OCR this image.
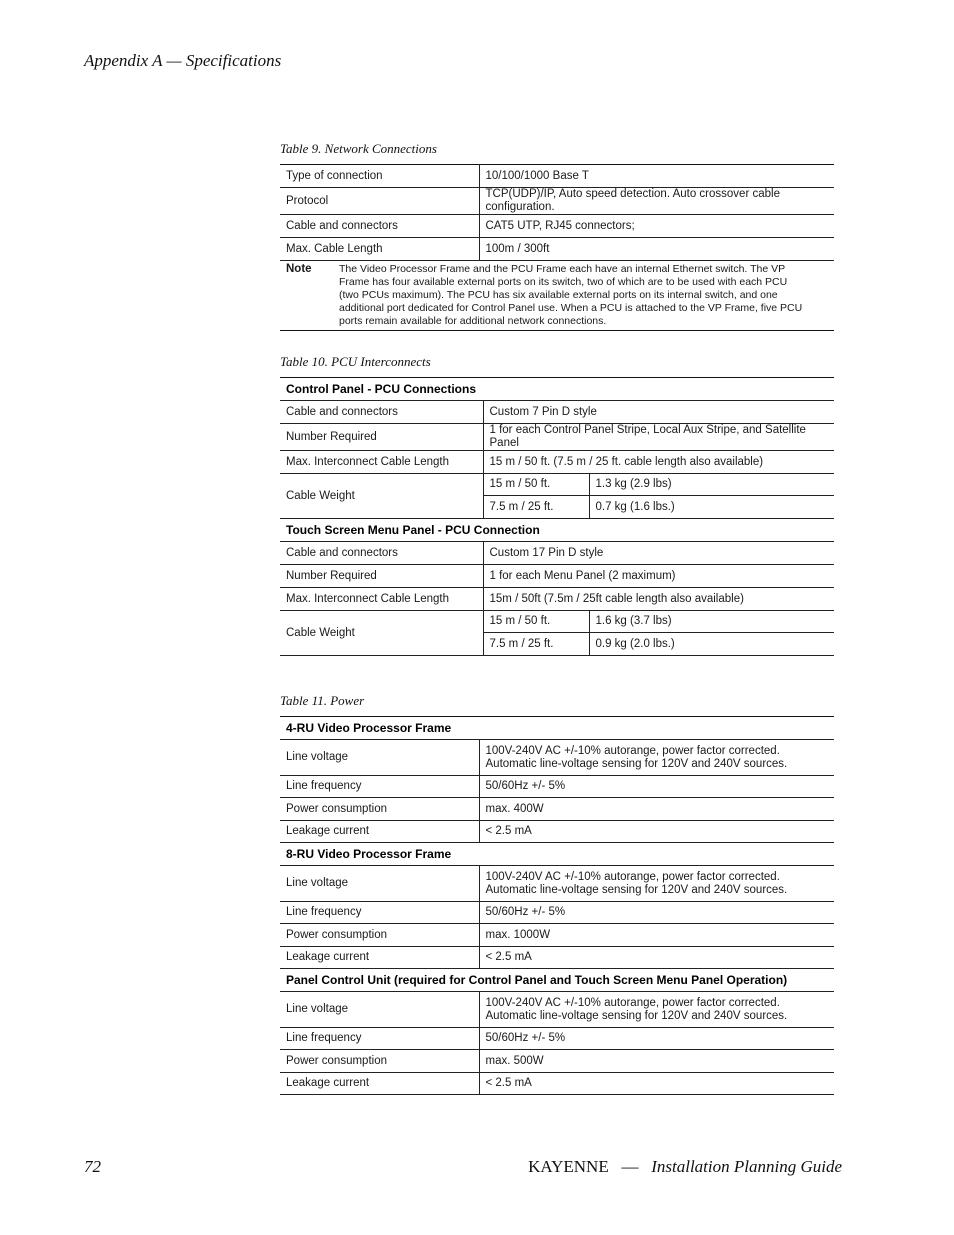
Appendix A — Specifications
Table 9. Network Connections
Type of connection	10/100/1000 Base T
Protocol	TCP(UDP)/IP, Auto speed detection. Auto crossover cable configuration.
Cable and connectors	CAT5 UTP, RJ45 connectors;
Max. Cable Length	100m / 300ft

Note The Video Processor Frame and the PCU Frame each have an internal Ethernet switch. The VP Frame has four available external ports on its switch, two of which are to be used with each PCU (two PCUs maximum). The PCU has six available external ports on its internal switch, and one additional port dedicated for Control Panel use. When a PCU is attached to the VP Frame, five PCU ports remain available for additional network connections.	
Table 10. PCU Interconnects
Control Panel - PCU Connections		
Cable and connectors	Custom 7 Pin D style	
Number Required	1 for each Control Panel Stripe, Local Aux Stripe, and Satellite Panel	
Max. Interconnect Cable Length	15 m / 50 ft. (7.5 m / 25 ft. cable length also available)	
Cable Weight	15 m / 50 ft.	1.3 kg (2.9 lbs)
	7.5 m / 25 ft.	0.7 kg (1.6 lbs.)
Touch Screen Menu Panel - PCU Connection		
Cable and connectors	Custom 17 Pin D style	
Number Required	1 for each Menu Panel (2 maximum)	
Max. Interconnect Cable Length	15m / 50ft (7.5m / 25ft cable length also available)	
Cable Weight	15 m / 50 ft.	1.6 kg (3.7 lbs)
	7.5 m / 25 ft.	0.9 kg (2.0 lbs.)
Table 11. Power
4-RU Video Processor Frame	
Line voltage	100V-240V AC +/-10% autorange, power factor corrected. Automatic line-voltage sensing for 120V and 240V sources.
Line frequency	50/60Hz +/- 5%
Power consumption	max. 400W
Leakage current	< 2.5 mA
8-RU Video Processor Frame	
Line voltage	100V-240V AC +/-10% autorange, power factor corrected. Automatic line-voltage sensing for 120V and 240V sources.
Line frequency	50/60Hz +/- 5%
Power consumption	max. 1000W
Leakage current	< 2.5 mA
Panel Control Unit (required for Control Panel and Touch Screen Menu Panel Operation)	
Line voltage	100V-240V AC +/-10% autorange, power factor corrected. Automatic line-voltage sensing for 120V and 240V sources.
Line frequency	50/60Hz +/- 5%
Power consumption	max. 500W
Leakage current	< 2.5 mA
72	KAYENNE — Installation Planning Guide
